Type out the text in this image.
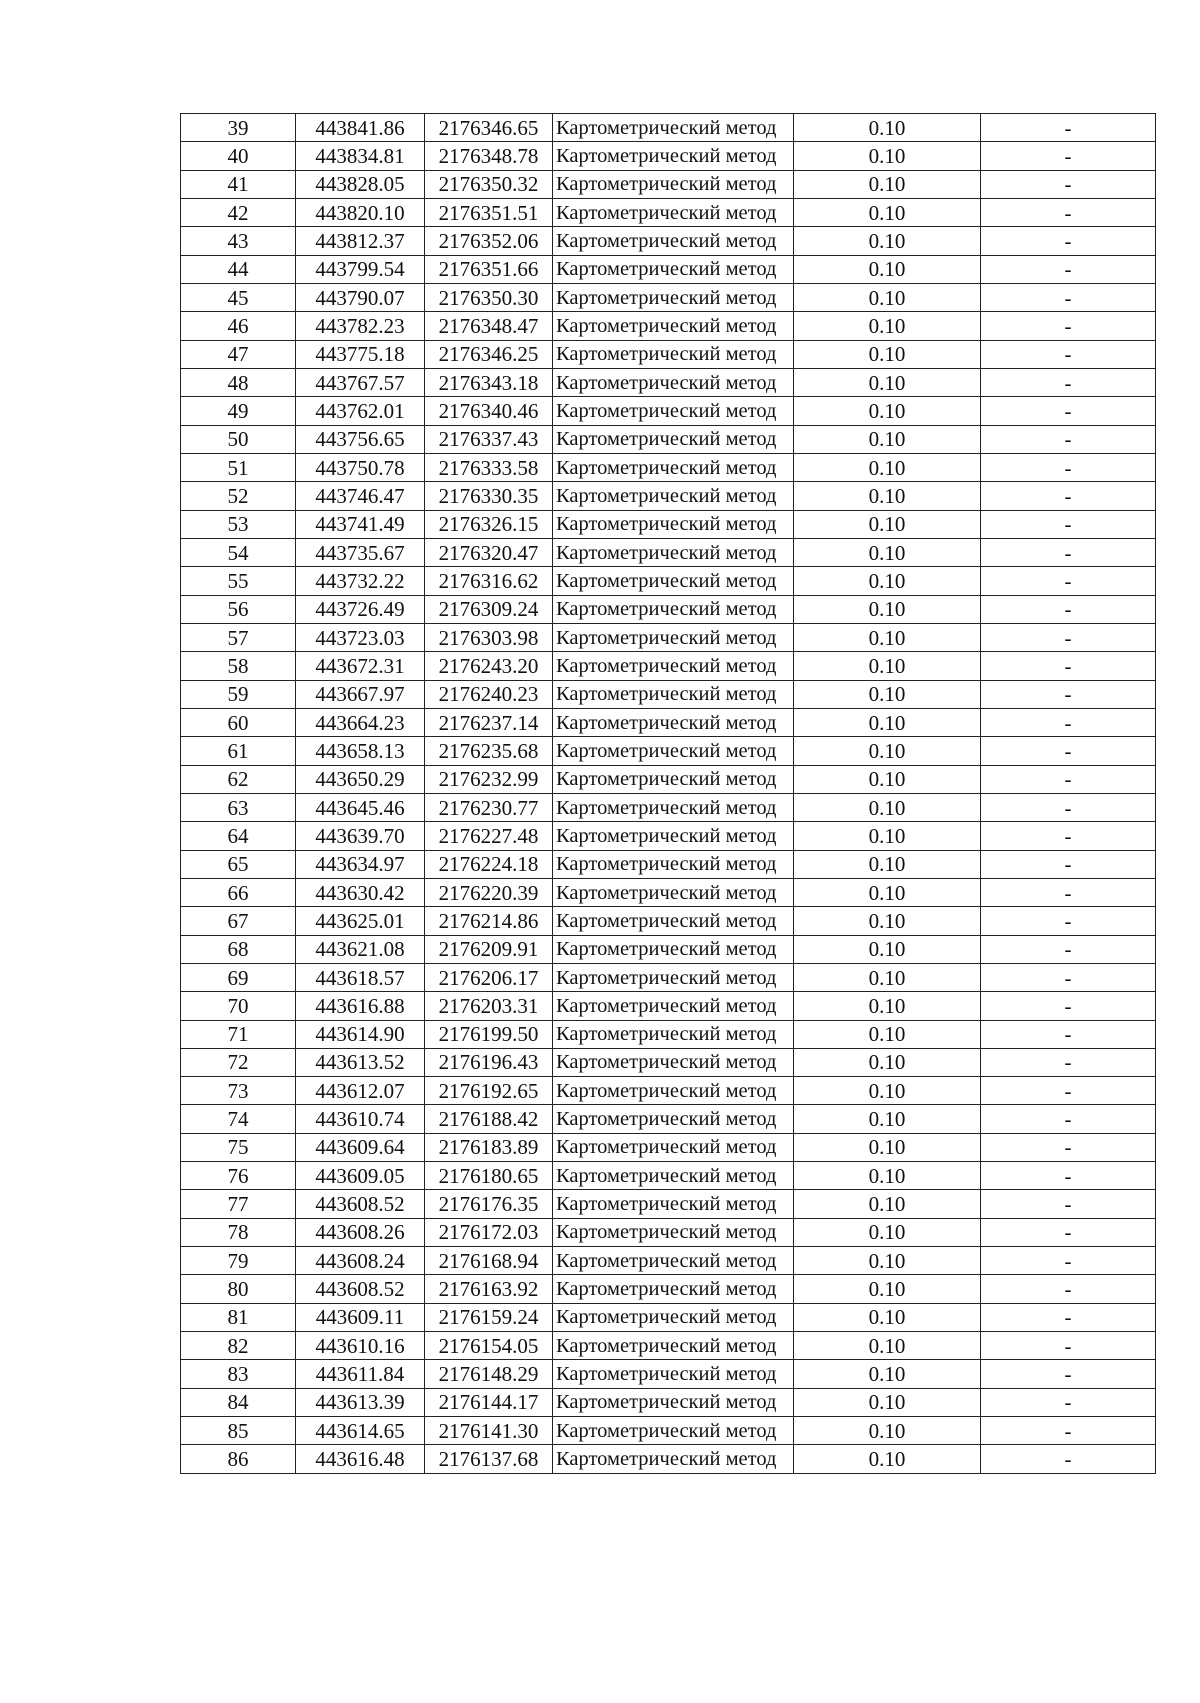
39	443841.86	2176346.65	Картометрический метод	0.10	-
40	443834.81	2176348.78	Картометрический метод	0.10	-
41	443828.05	2176350.32	Картометрический метод	0.10	-
42	443820.10	2176351.51	Картометрический метод	0.10	-
43	443812.37	2176352.06	Картометрический метод	0.10	-
44	443799.54	2176351.66	Картометрический метод	0.10	-
45	443790.07	2176350.30	Картометрический метод	0.10	-
46	443782.23	2176348.47	Картометрический метод	0.10	-
47	443775.18	2176346.25	Картометрический метод	0.10	-
48	443767.57	2176343.18	Картометрический метод	0.10	-
49	443762.01	2176340.46	Картометрический метод	0.10	-
50	443756.65	2176337.43	Картометрический метод	0.10	-
51	443750.78	2176333.58	Картометрический метод	0.10	-
52	443746.47	2176330.35	Картометрический метод	0.10	-
53	443741.49	2176326.15	Картометрический метод	0.10	-
54	443735.67	2176320.47	Картометрический метод	0.10	-
55	443732.22	2176316.62	Картометрический метод	0.10	-
56	443726.49	2176309.24	Картометрический метод	0.10	-
57	443723.03	2176303.98	Картометрический метод	0.10	-
58	443672.31	2176243.20	Картометрический метод	0.10	-
59	443667.97	2176240.23	Картометрический метод	0.10	-
60	443664.23	2176237.14	Картометрический метод	0.10	-
61	443658.13	2176235.68	Картометрический метод	0.10	-
62	443650.29	2176232.99	Картометрический метод	0.10	-
63	443645.46	2176230.77	Картометрический метод	0.10	-
64	443639.70	2176227.48	Картометрический метод	0.10	-
65	443634.97	2176224.18	Картометрический метод	0.10	-
66	443630.42	2176220.39	Картометрический метод	0.10	-
67	443625.01	2176214.86	Картометрический метод	0.10	-
68	443621.08	2176209.91	Картометрический метод	0.10	-
69	443618.57	2176206.17	Картометрический метод	0.10	-
70	443616.88	2176203.31	Картометрический метод	0.10	-
71	443614.90	2176199.50	Картометрический метод	0.10	-
72	443613.52	2176196.43	Картометрический метод	0.10	-
73	443612.07	2176192.65	Картометрический метод	0.10	-
74	443610.74	2176188.42	Картометрический метод	0.10	-
75	443609.64	2176183.89	Картометрический метод	0.10	-
76	443609.05	2176180.65	Картометрический метод	0.10	-
77	443608.52	2176176.35	Картометрический метод	0.10	-
78	443608.26	2176172.03	Картометрический метод	0.10	-
79	443608.24	2176168.94	Картометрический метод	0.10	-
80	443608.52	2176163.92	Картометрический метод	0.10	-
81	443609.11	2176159.24	Картометрический метод	0.10	-
82	443610.16	2176154.05	Картометрический метод	0.10	-
83	443611.84	2176148.29	Картометрический метод	0.10	-
84	443613.39	2176144.17	Картометрический метод	0.10	-
85	443614.65	2176141.30	Картометрический метод	0.10	-
86	443616.48	2176137.68	Картометрический метод	0.10	-
